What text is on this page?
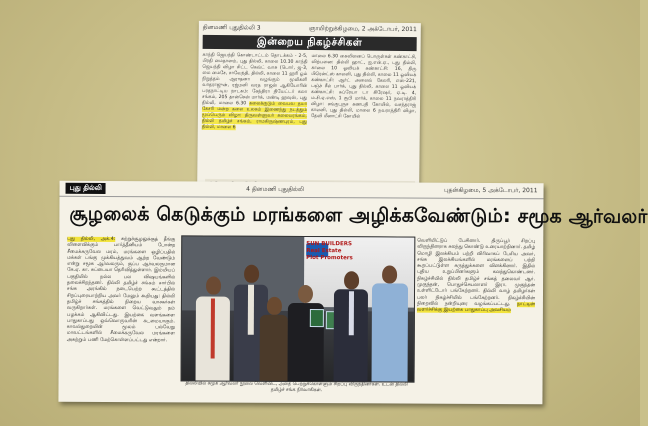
தினமணி புதுதில்லி 3	ஞாயிற்றுக்கிழமை, 2 அக்டோபர், 2011
இன்றைய நிகழ்ச்சிகள்
காந்தி ஜெயந்தி கொண்டாட்டம் தொடக்கம் - 2-5, பிரதி மைதானம், புது தில்லி, காலை 10.30 காந்தி ஜெயந்தி விழா சிட்ட கெவ்ட் வாசு (பொர், ஜ-3, மை மைசே, சாவேந்தி, தில்லி, காலை 11 ஹரி ஓம் நிறுத்தம் ஆராதனா வழங்கும் மூலிகளி வாதராஜுன், ரஜ்மனி வரத ராஜன் ஆகியோரின் பரதநாட்டிய நாடகம்: கேந்திரா தியேட்டர் கலா சங்கம், 205 தான்சென் மார்க், மண்டி ஹவுஸ், புது தில்லி, மாலை 6.30 கலைக்குடும் வைபவ தயா கேசரி மன்ற கலை உலகம் இணைந்து நடத்தும் மூப்பெரும் விழா: திருவள்ளுவர் கலையரங்கம், தில்லி தமிழ்ச் சங்கம், ராமகிருஷ்ணபுரம், புது தில்லி, மாலை 6
மாலை 6.30 கைவினைப் பொருள்கள் கண்காட்சி, விற்பனை: தில்லி ஹாட், ஐ.என்.ஏ., புது தில்லி, காலை 10 ஓவியக் கண்காட்சி: 16, திரு பிரென்ட்ஸ் காலனி, புது தில்லி, காலை 11 ஓவியக் கண்காட்சி: ஆர்ட் அலைவ் கேலரி, எஸ்-221, பஞ்ச் சீல் பார்க், புது தில்லி, காலை 11 ஓவியக் கண்காட்சி: சுப்ரேயா டா கிரேஷர், ஏ.டி. 4, ம.சி.ஏ.எஸ், 1 ரூபி மார்க், காலை 11 நவராத்திரி விழா: சங்குபுருச கணபதி கோயில், வசந்தராஜ் காலனி, புது தில்லி, மாலை 6 நவராத்திரி விழா, தேவி மீனாட்சி கோயில்
புது தில்லி	4 தினமணி புதுதில்லி	புதன்கிழமை, 5 அக்டோபர், 2011
சூழலைக் கெடுக்கும் மரங்களை அழிக்கவேண்டும்: சமூக ஆர்வலர்
புது தில்லி, அக்.4: சுற்றுச்சூழலுக்குத் தீங்கு விளைவிக்கும் பார்த்தீனியம் போன்ற சீமைக்கருவேல மரம், மரங்களை ஒழிப்பதில் மக்கள் பங்கு முக்கியத்துவம் ஆற்ற வேண்டும் என்று சமூக ஆர்வலரும், குப்ப ஆர்வலருமான கே.ஏ. கா. சுப்பையா தெரிவித்துள்ளார். இம்மியப் பகுதியில் நல்ல பல விஷயங்களில் தலைச்சிறந்தனர். தில்லி தமிழ்ச் சங்கம் சார்பில் சங்க அரங்கில் நடைபெற்ற கூட்டத்தில் சிறப்புரையாற்றிய அவர் மேலும் கூறியது: தில்லி தமிழ்ச் சங்கத்தில் நிறைய வாசகர்கள் வருகிறார்கள். மரங்களை வெட்டுவதும் நம் பழக்கம் ஆகிவிட்டது. இயற்கை வளங்களை பாதுகாப்பது ஒவ்வொருவரின் கடமையாகும். காவல்துறையின் மூலம் பல்வேறு மாவட்டங்களில் சீமைக்கருவேல மரங்களை அகற்றும் பணி மேற்கொள்ளப்பட்டது என்றார்.
SUN BUILDERS
Real Estate
Plot Promoters
தில்லியில் சமூக ஆர்வலர் நூலை வெளியிட, அதை பெற்றுக்கொள்ளும் சிறப்பு விருந்தினர்கள். உடன் தில்லி தமிழ்ச் சங்க நிர்வாகிகள்.
வெளியிட்டுப் பேசினார். திருப்பூர் சிறப்பு விருந்தினராக கலந்து கொண்டு உரையாற்றினார். தமிழ் மொழி இலக்கியம் பற்றி விரிவாகப் பேசிய அவர், சங்க இலக்கியங்களில் மரங்களைப் பற்றி கூறப்பட்டுள்ள கருத்துக்களை விளக்கினார். இதில் புதிய உறுப்பினர்களும் கலந்துகொண்டனர். நிகழ்ச்சியில் தில்லி தமிழ்ச் சங்கத் தலைவர் ஆர். முகுந்தன், பொதுச்செயலாளர் இரா. முகுந்தன் உள்ளிட்டோர் பங்கேற்றனர். தில்லி வாழ் தமிழர்கள் பலர் நிகழ்ச்சியில் பங்கேற்றனர். நிகழ்ச்சியின் நிறைவில் நன்றியுரை வழங்கப்பட்டது. நாட்டின் வளர்ச்சிக்கு இயற்கை பாதுகாப்பு அவசியம்
